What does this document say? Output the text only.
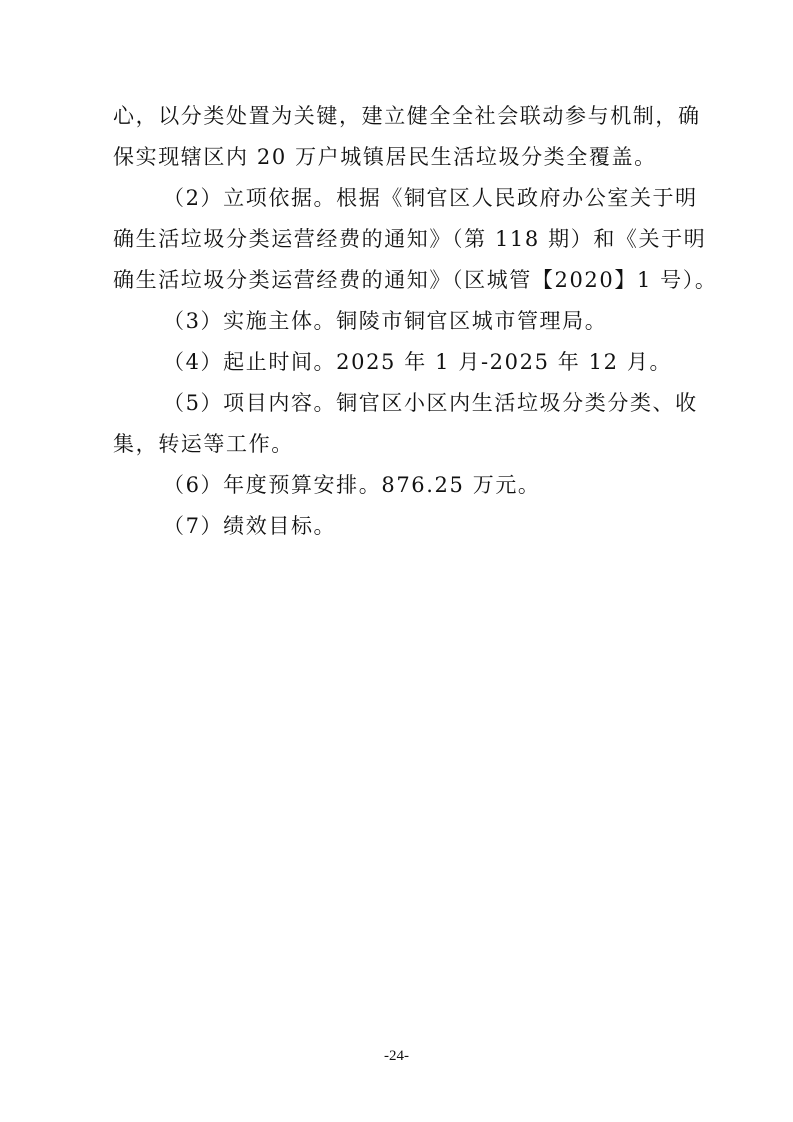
心，以分类处置为关键，建立健全全社会联动参与机制，确
保实现辖区内 20 万户城镇居民生活垃圾分类全覆盖。
（2）立项依据。根据《铜官区人民政府办公室关于明
确生活垃圾分类运营经费的通知》（第 118 期）和《关于明
确生活垃圾分类运营经费的通知》（区城管【2020】1 号）。
（3）实施主体。铜陵市铜官区城市管理局。
（4）起止时间。2025 年 1 月-2025 年 12 月。
（5）项目内容。铜官区小区内生活垃圾分类分类、收
集，转运等工作。
（6）年度预算安排。876.25 万元。
（7）绩效目标。
-24-
